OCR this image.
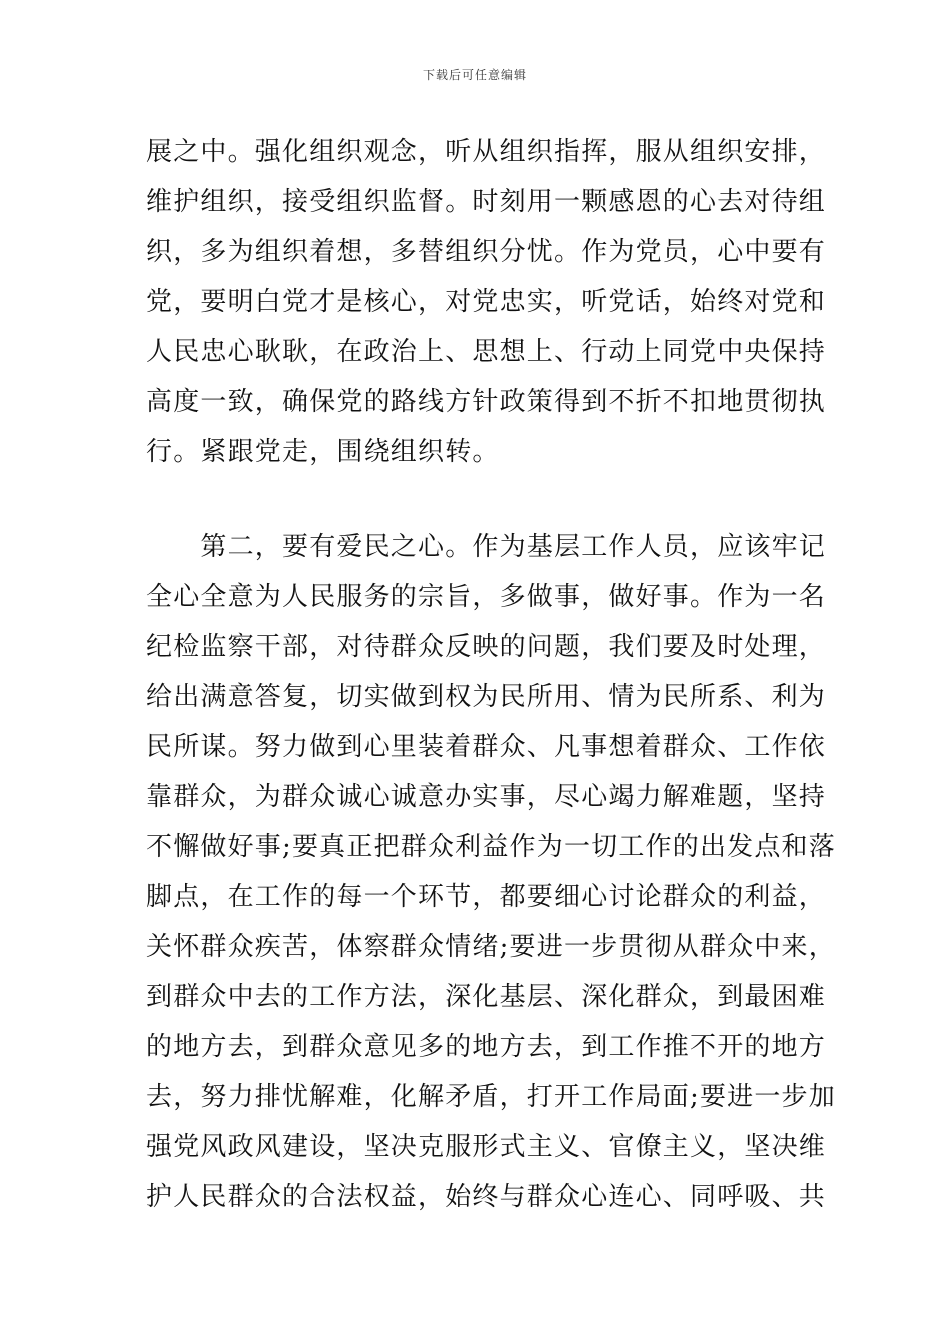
下载后可任意编辑
展之中。强化组织观念，听从组织指挥，服从组织安排，
维护组织，接受组织监督。时刻用一颗感恩的心去对待组
织，多为组织着想，多替组织分忧。作为党员，心中要有
党，要明白党才是核心，对党忠实，听党话，始终对党和
人民忠心耿耿，在政治上、思想上、行动上同党中央保持
高度一致，确保党的路线方针政策得到不折不扣地贯彻执
行。紧跟党走，围绕组织转。
　　第二，要有爱民之心。作为基层工作人员，应该牢记
全心全意为人民服务的宗旨，多做事，做好事。作为一名
纪检监察干部，对待群众反映的问题，我们要及时处理，
给出满意答复，切实做到权为民所用、情为民所系、利为
民所谋。努力做到心里装着群众、凡事想着群众、工作依
靠群众，为群众诚心诚意办实事，尽心竭力解难题，坚持
不懈做好事;要真正把群众利益作为一切工作的出发点和落
脚点，在工作的每一个环节，都要细心讨论群众的利益，
关怀群众疾苦，体察群众情绪;要进一步贯彻从群众中来，
到群众中去的工作方法，深化基层、深化群众，到最困难
的地方去，到群众意见多的地方去，到工作推不开的地方
去，努力排忧解难，化解矛盾，打开工作局面;要进一步加
强党风政风建设，坚决克服形式主义、官僚主义，坚决维
护人民群众的合法权益，始终与群众心连心、同呼吸、共
